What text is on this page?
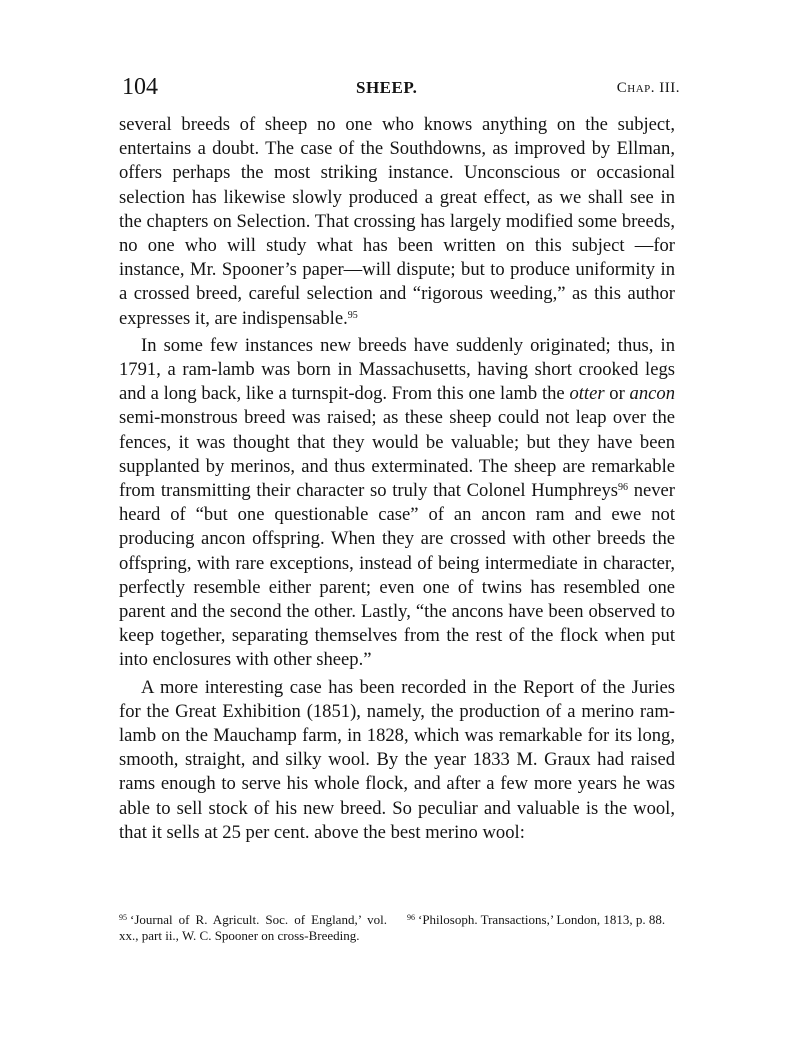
104	SHEEP.	Chap. III.

several breeds of sheep no one who knows anything on the subject, entertains a doubt. The case of the Southdowns, as improved by Ellman, offers perhaps the most striking instance. Unconscious or occasional selection has likewise slowly produced a great effect, as we shall see in the chapters on Selection. That crossing has largely modified some breeds, no one who will study what has been written on this subject —for instance, Mr. Spooner’s paper—will dispute; but to produce uniformity in a crossed breed, careful selection and “rigorous weeding,” as this author expresses it, are indispensable.$^{95}$

In some few instances new breeds have suddenly originated; thus, in 1791, a ram-lamb was born in Massachusetts, having short crooked legs and a long back, like a turnspit-dog. From this one lamb the otter or ancon semi-monstrous breed was raised; as these sheep could not leap over the fences, it was thought that they would be valuable; but they have been supplanted by merinos, and thus exterminated. The sheep are remarkable from transmitting their character so truly that Colonel Humphreys$^{96}$ never heard of “but one questionable case” of an ancon ram and ewe not producing ancon offspring. When they are crossed with other breeds the offspring, with rare exceptions, instead of being intermediate in character, perfectly resemble either parent; even one of twins has resembled one parent and the second the other. Lastly, “the ancons have been observed to keep together, separating themselves from the rest of the flock when put into enclosures with other sheep.”

A more interesting case has been recorded in the Report of the Juries for the Great Exhibition (1851), namely, the production of a merino ram-lamb on the Mauchamp farm, in 1828, which was remarkable for its long, smooth, straight, and silky wool. By the year 1833 M. Graux had raised rams enough to serve his whole flock, and after a few more years he was able to sell stock of his new breed. So peculiar and valuable is the wool, that it sells at 25 per cent. above the best merino wool:

$^{95}$ ‘Journal of R. Agricult. Soc. of England,’ vol. xx., part ii., W. C. Spooner on cross-Breeding.
$^{96}$ ‘Philosoph. Transactions,’ London, 1813, p. 88.
